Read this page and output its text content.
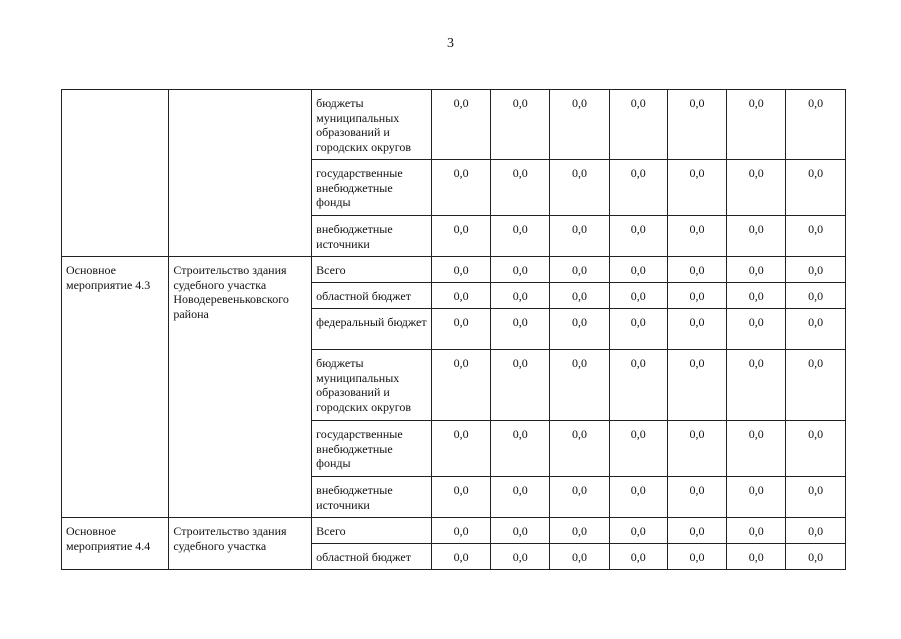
3
		бюджеты муниципальных образований и городских округов	0,0	0,0	0,0	0,0	0,0	0,0	0,0
		государственные внебюджетные фонды	0,0	0,0	0,0	0,0	0,0	0,0	0,0
		внебюджетные источники	0,0	0,0	0,0	0,0	0,0	0,0	0,0
Основное мероприятие 4.3	Строительство здания судебного участка Новодеревеньковского района	Всего	0,0	0,0	0,0	0,0	0,0	0,0	0,0
		областной бюджет	0,0	0,0	0,0	0,0	0,0	0,0	0,0
		федеральный бюджет	0,0	0,0	0,0	0,0	0,0	0,0	0,0
		бюджеты муниципальных образований и городских округов	0,0	0,0	0,0	0,0	0,0	0,0	0,0
		государственные внебюджетные фонды	0,0	0,0	0,0	0,0	0,0	0,0	0,0
		внебюджетные источники	0,0	0,0	0,0	0,0	0,0	0,0	0,0
Основное мероприятие 4.4	Строительство здания судебного участка	Всего	0,0	0,0	0,0	0,0	0,0	0,0	0,0
		областной бюджет	0,0	0,0	0,0	0,0	0,0	0,0	0,0
